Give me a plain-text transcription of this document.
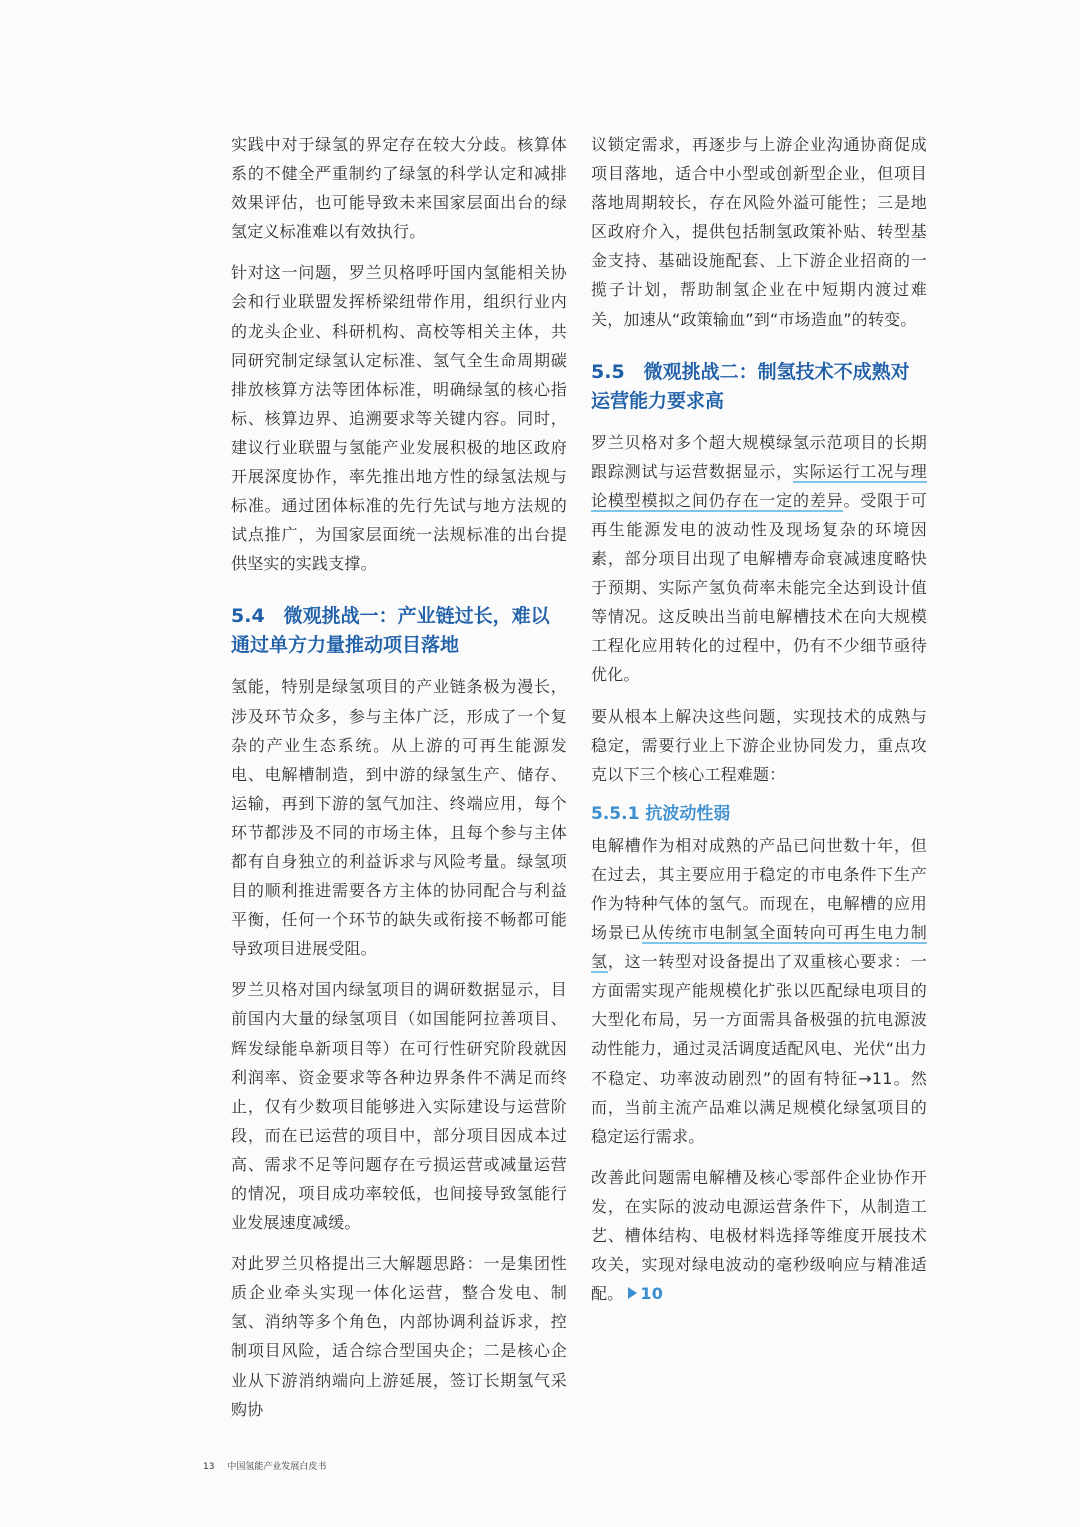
实践中对于绿氢的界定存在较大分歧。核算体系的不健全严重制约了绿氢的科学认定和减排效果评估，也可能导致未来国家层面出台的绿氢定义标准难以有效执行。

针对这一问题，罗兰贝格呼吁国内氢能相关协会和行业联盟发挥桥梁纽带作用，组织行业内的龙头企业、科研机构、高校等相关主体，共同研究制定绿氢认定标准、氢气全生命周期碳排放核算方法等团体标准，明确绿氢的核心指标、核算边界、追溯要求等关键内容。同时，建议行业联盟与氢能产业发展积极的地区政府开展深度协作，率先推出地方性的绿氢法规与标准。通过团体标准的先行先试与地方法规的试点推广，为国家层面统一法规标准的出台提供坚实的实践支撑。

5.4　微观挑战一：产业链过长，难以通过单方力量推动项目落地

氢能，特别是绿氢项目的产业链条极为漫长，涉及环节众多，参与主体广泛，形成了一个复杂的产业生态系统。从上游的可再生能源发电、电解槽制造，到中游的绿氢生产、储存、运输，再到下游的氢气加注、终端应用，每个环节都涉及不同的市场主体，且每个参与主体都有自身独立的利益诉求与风险考量。绿氢项目的顺利推进需要各方主体的协同配合与利益平衡，任何一个环节的缺失或衔接不畅都可能导致项目进展受阻。

罗兰贝格对国内绿氢项目的调研数据显示，目前国内大量的绿氢项目（如国能阿拉善项目、辉发绿能阜新项目等）在可行性研究阶段就因利润率、资金要求等各种边界条件不满足而终止，仅有少数项目能够进入实际建设与运营阶段，而在已运营的项目中，部分项目因成本过高、需求不足等问题存在亏损运营或减量运营的情况，项目成功率较低，也间接导致氢能行业发展速度减缓。

对此罗兰贝格提出三大解题思路：一是集团性质企业牵头实现一体化运营，整合发电、制氢、消纳等多个角色，内部协调利益诉求，控制项目风险，适合综合型国央企；二是核心企业从下游消纳端向上游延展，签订长期氢气采购协

议锁定需求，再逐步与上游企业沟通协商促成项目落地，适合中小型或创新型企业，但项目落地周期较长，存在风险外溢可能性；三是地区政府介入，提供包括制氢政策补贴、转型基金支持、基础设施配套、上下游企业招商的一揽子计划，帮助制氢企业在中短期内渡过难关，加速从“政策输血”到“市场造血”的转变。

5.5　微观挑战二：制氢技术不成熟对运营能力要求高

罗兰贝格对多个超大规模绿氢示范项目的长期跟踪测试与运营数据显示，实际运行工况与理论模型模拟之间仍存在一定的差异。受限于可再生能源发电的波动性及现场复杂的环境因素，部分项目出现了电解槽寿命衰减速度略快于预期、实际产氢负荷率未能完全达到设计值等情况。这反映出当前电解槽技术在向大规模工程化应用转化的过程中，仍有不少细节亟待优化。

要从根本上解决这些问题，实现技术的成熟与稳定，需要行业上下游企业协同发力，重点攻克以下三个核心工程难题：

5.5.1 抗波动性弱

电解槽作为相对成熟的产品已问世数十年，但在过去，其主要应用于稳定的市电条件下生产作为特种气体的氢气。而现在，电解槽的应用场景已从传统市电制氢全面转向可再生电力制氢，这一转型对设备提出了双重核心要求：一方面需实现产能规模化扩张以匹配绿电项目的大型化布局，另一方面需具备极强的抗电源波动性能力，通过灵活调度适配风电、光伏“出力不稳定、功率波动剧烈”的固有特征→11。然而，当前主流产品难以满足规模化绿氢项目的稳定运行需求。

改善此问题需电解槽及核心零部件企业协作开发，在实际的波动电源运营条件下，从制造工艺、槽体结构、电极材料选择等维度开展技术攻关，实现对绿电波动的毫秒级响应与精准适配。 10

13 中国氢能产业发展白皮书
